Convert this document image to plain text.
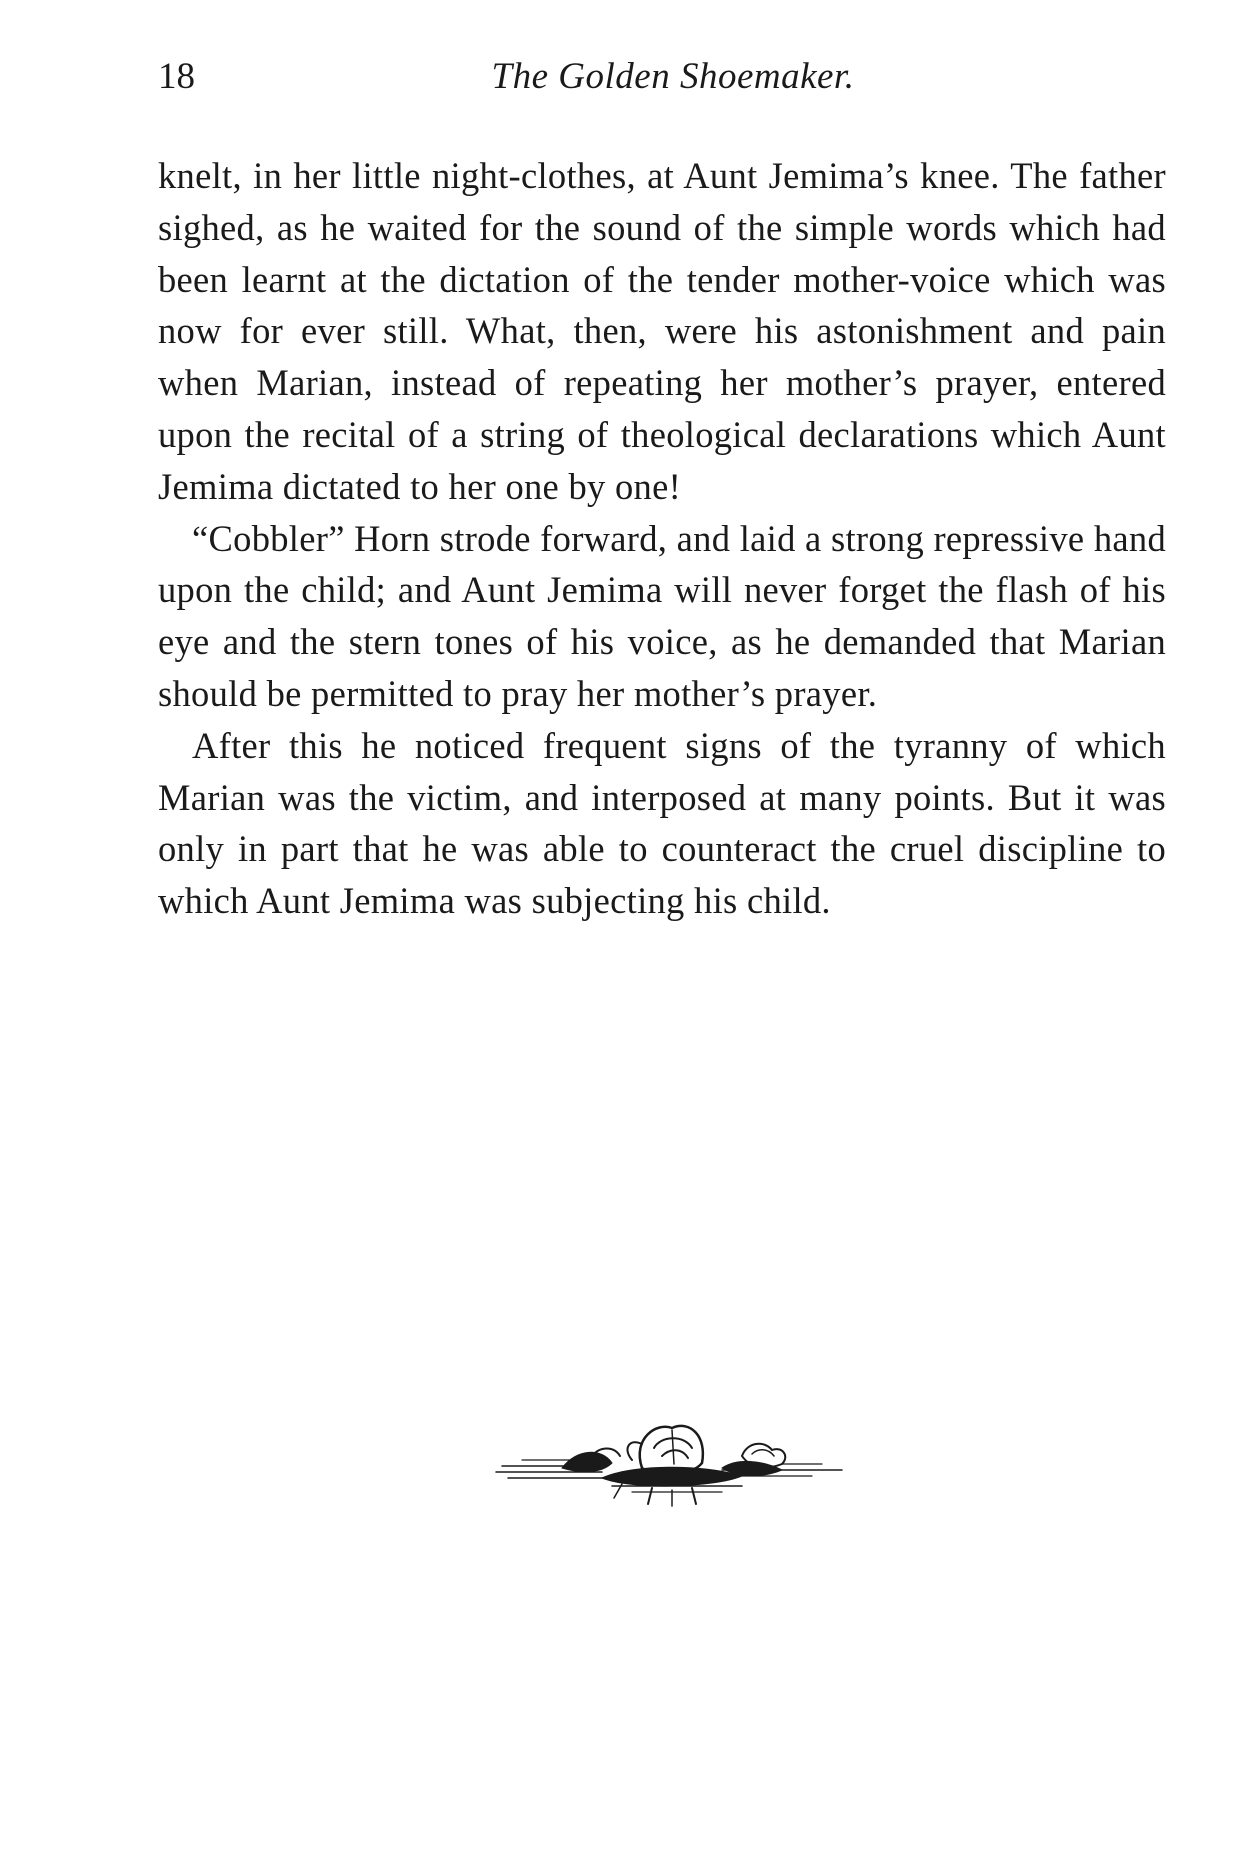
18	The Golden Shoemaker.

knelt, in her little night-clothes, at Aunt Jemima’s knee. The father sighed, as he waited for the sound of the simple words which had been learnt at the dictation of the tender mother-voice which was now for ever still. What, then, were his astonishment and pain when Marian, instead of repeating her mother’s prayer, entered upon the recital of a string of theological declarations which Aunt Jemima dictated to her one by one!

“Cobbler” Horn strode forward, and laid a strong repressive hand upon the child; and Aunt Jemima will never forget the flash of his eye and the stern tones of his voice, as he demanded that Marian should be permitted to pray her mother’s prayer.

After this he noticed frequent signs of the tyranny of which Marian was the victim, and interposed at many points. But it was only in part that he was able to counteract the cruel discipline to which Aunt Jemima was subjecting his child.
